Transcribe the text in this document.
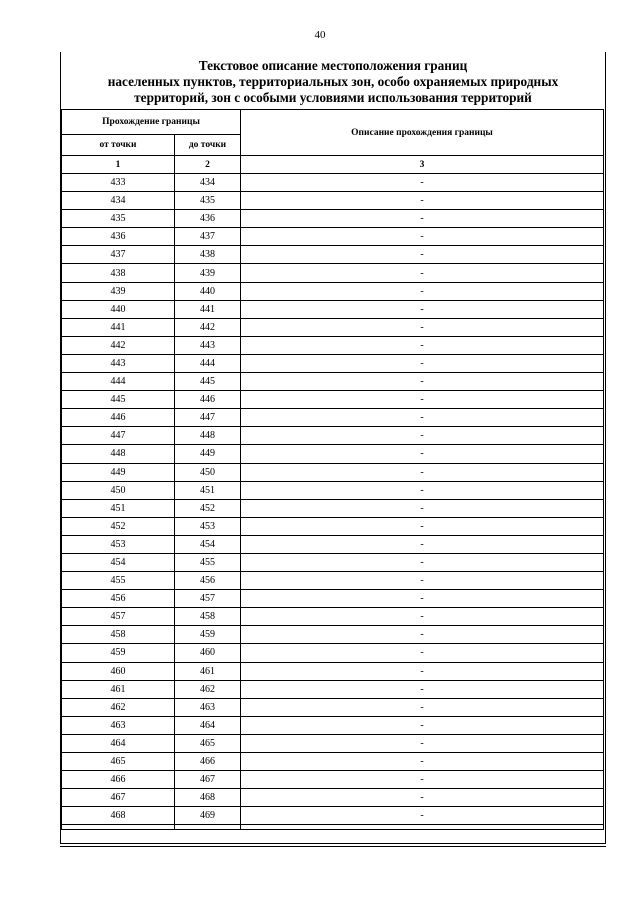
40
Текстовое описание местоположения границ
населенных пунктов, территориальных зон, особо охраняемых природных
территорий, зон с особыми условиями использования территорий
Прохождение границы		Описание прохождения границы
от точки	до точки	
1	2	3
433	434	-
434	435	-
435	436	-
436	437	-
437	438	-
438	439	-
439	440	-
440	441	-
441	442	-
442	443	-
443	444	-
444	445	-
445	446	-
446	447	-
447	448	-
448	449	-
449	450	-
450	451	-
451	452	-
452	453	-
453	454	-
454	455	-
455	456	-
456	457	-
457	458	-
458	459	-
459	460	-
460	461	-
461	462	-
462	463	-
463	464	-
464	465	-
465	466	-
466	467	-
467	468	-
468	469	-
